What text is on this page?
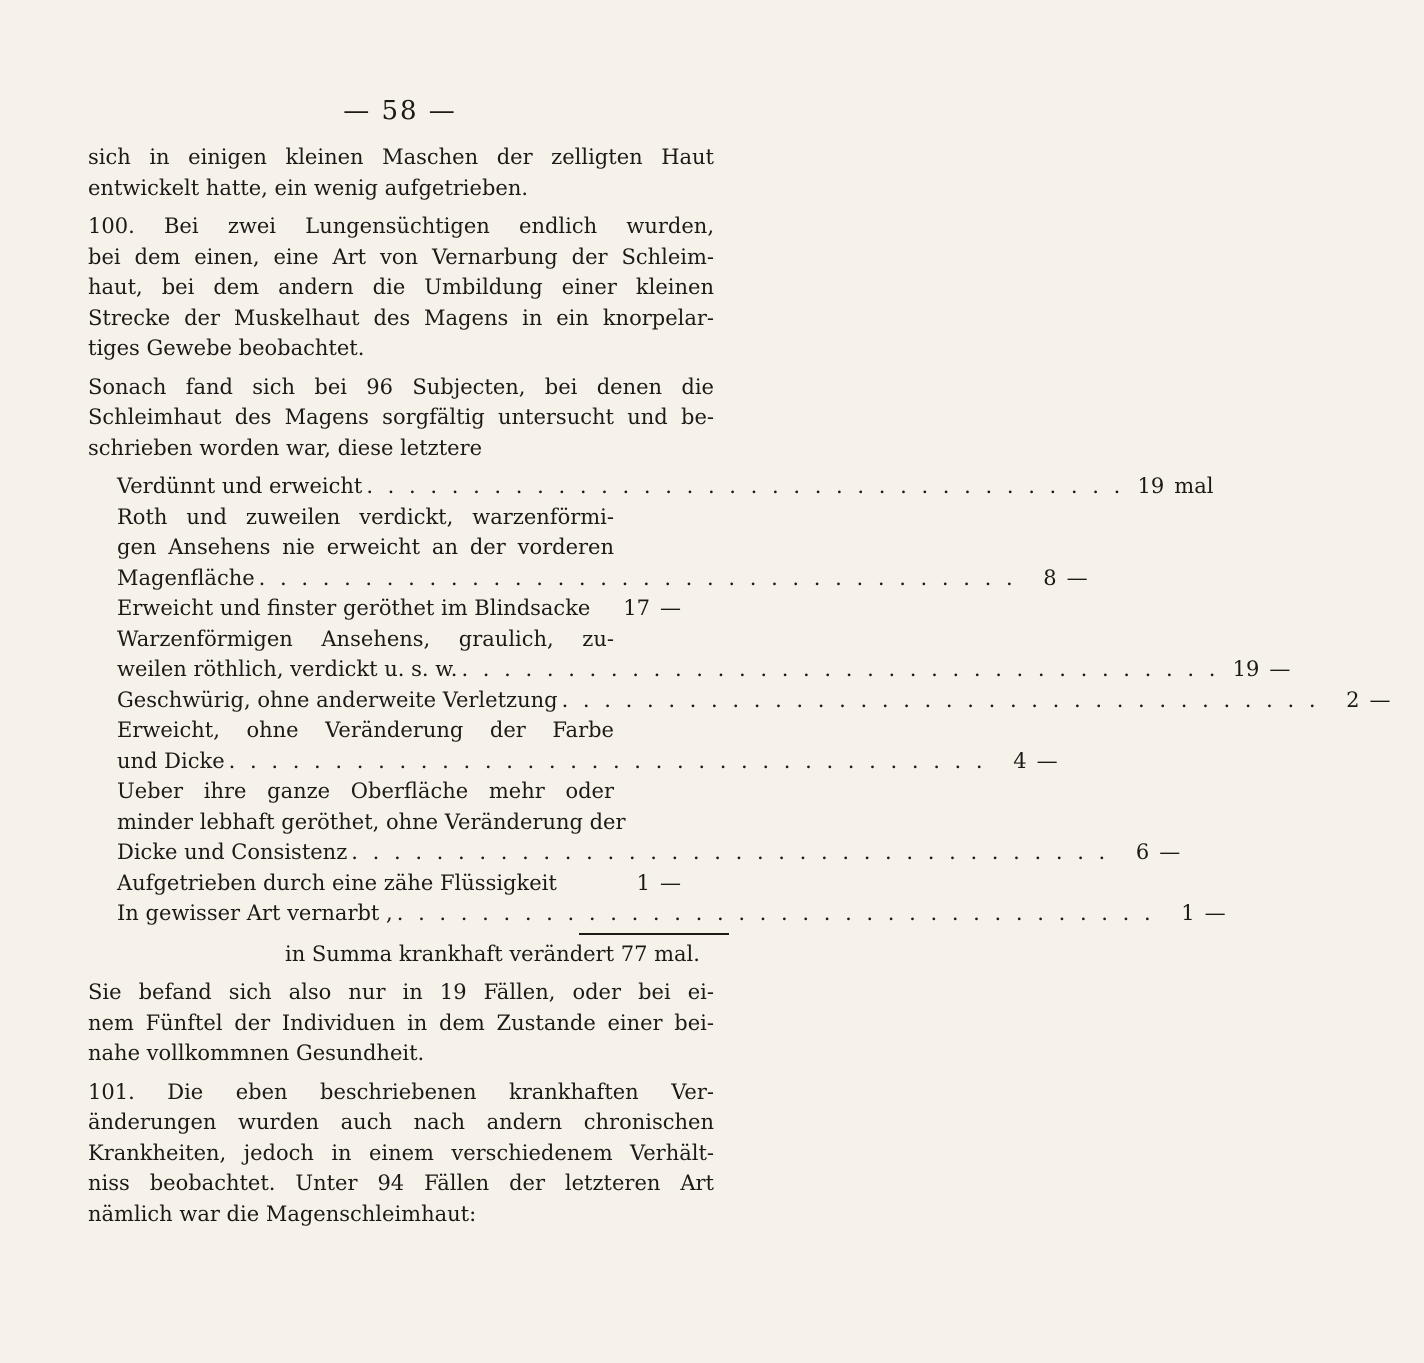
— 58 —
sich in einigen kleinen Maschen der zelligten Haut
entwickelt hatte, ein wenig aufgetrieben.
100. Bei zwei Lungensüchtigen endlich wurden,
bei dem einen, eine Art von Vernarbung der Schleim-
haut, bei dem andern die Umbildung einer kleinen
Strecke der Muskelhaut des Magens in ein knorpelar-
tiges Gewebe beobachtet.
Sonach fand sich bei 96 Subjecten, bei denen die
Schleimhaut des Magens sorgfältig untersucht und be-
schrieben worden war, diese letztere
Verdünnt und erweicht . . . . . . . . . . . . . . . . . . . . . . . . . . . . . . . . . . . . 19 mal
Roth und zuweilen verdickt, warzenförmi-
gen Ansehens nie erweicht an der vorderen
Magenfläche . . . . . . . . . . . . . . . . . . . . . . . . . . . . . . . . . . . .	8 —
Erweicht und finster geröthet im Blindsacke	17 —
Warzenförmigen Ansehens, graulich, zu-
weilen röthlich, verdickt u. s. w. . . . . . . . . . . . . . . . . . . . . . . . . . . . . . . . . . . . . 19 —
Geschwürig, ohne anderweite Verletzung . . . . . . . . . . . . . . . . . . . . . . . . . . . . . . . . . . . .	2 —
Erweicht, ohne Veränderung der Farbe
und Dicke . . . . . . . . . . . . . . . . . . . . . . . . . . . . . . . . . . . .	4 —
Ueber ihre ganze Oberfläche mehr oder
minder lebhaft geröthet, ohne Veränderung der
Dicke und Consistenz . . . . . . . . . . . . . . . . . . . . . . . . . . . . . . . . . . . .	6 —
Aufgetrieben durch eine zähe Flüssigkeit	1 —
In gewisser Art vernarbt , . . . . . . . . . . . . . . . . . . . . . . . . . . . . . . . . . . . .	1 —
in Summa krankhaft verändert 77 mal.
Sie befand sich also nur in 19 Fällen, oder bei ei-
nem Fünftel der Individuen in dem Zustande einer bei-
nahe vollkommnen Gesundheit.
101. Die eben beschriebenen krankhaften Ver-
änderungen wurden auch nach andern chronischen
Krankheiten, jedoch in einem verschiedenem Verhält-
niss beobachtet. Unter 94 Fällen der letzteren Art
nämlich war die Magenschleimhaut:
